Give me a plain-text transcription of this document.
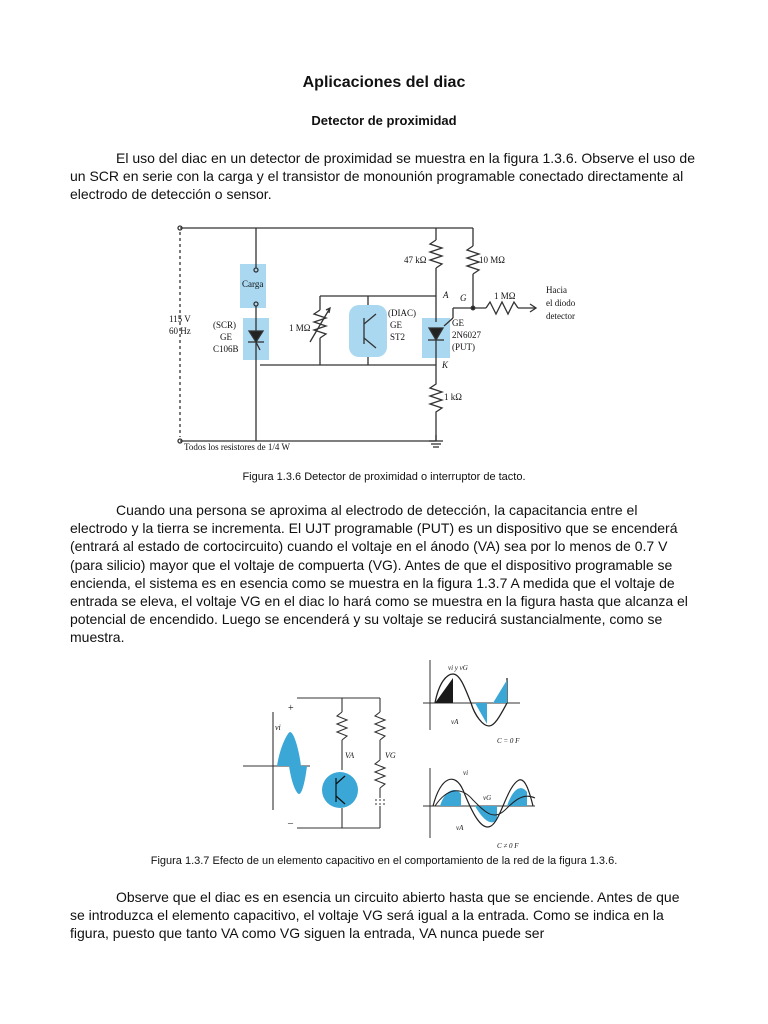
Aplicaciones del diac
Detector de proximidad
El uso del diac en un detector de proximidad se muestra en la figura 1.3.6. Observe el uso de un SCR en serie con la carga y el transistor de monounión programable conectado directamente al electrodo de detección o sensor.
47 kΩ	10 MΩ
1 MΩ
1 MΩ
1 kΩ
A G
K
Hacia
el diodo
detector
Carga
115 V
60 Hz
(SCR)
GE
C106B
(DIAC)
GE
ST2
GE
2N6027
(PUT)
Todos los resistores de 1/4 W
Figura 1.3.6 Detector de proximidad o interruptor de tacto.
Cuando una persona se aproxima al electrodo de detección, la capacitancia entre el electrodo y la tierra se incrementa. El UJT programable (PUT) es un dispositivo que se encenderá (entrará al estado de cortocircuito) cuando el voltaje en el ánodo (VA) sea por lo menos de 0.7 V (para silicio) mayor que el voltaje de compuerta (VG). Antes de que el dispositivo programable se encienda, el sistema es en esencia como se muestra en la figura 1.3.7 A medida que el voltaje de entrada se eleva, el voltaje VG en el diac lo hará como se muestra en la figura hasta que alcanza el potencial de encendido. Luego se encenderá y su voltaje se reducirá sustancialmente, como se muestra.
vi
+
–
VA	VG
vi y vG
vA
C = 0 F
vi
vG
vA
C ≠ 0 F
Figura 1.3.7 Efecto de un elemento capacitivo en el comportamiento de la red de la figura 1.3.6.
Observe que el diac es en esencia un circuito abierto hasta que se enciende. Antes de que se introduzca el elemento capacitivo, el voltaje VG será igual a la entrada. Como se indica en la figura, puesto que tanto VA como VG siguen la entrada, VA nunca puede ser
